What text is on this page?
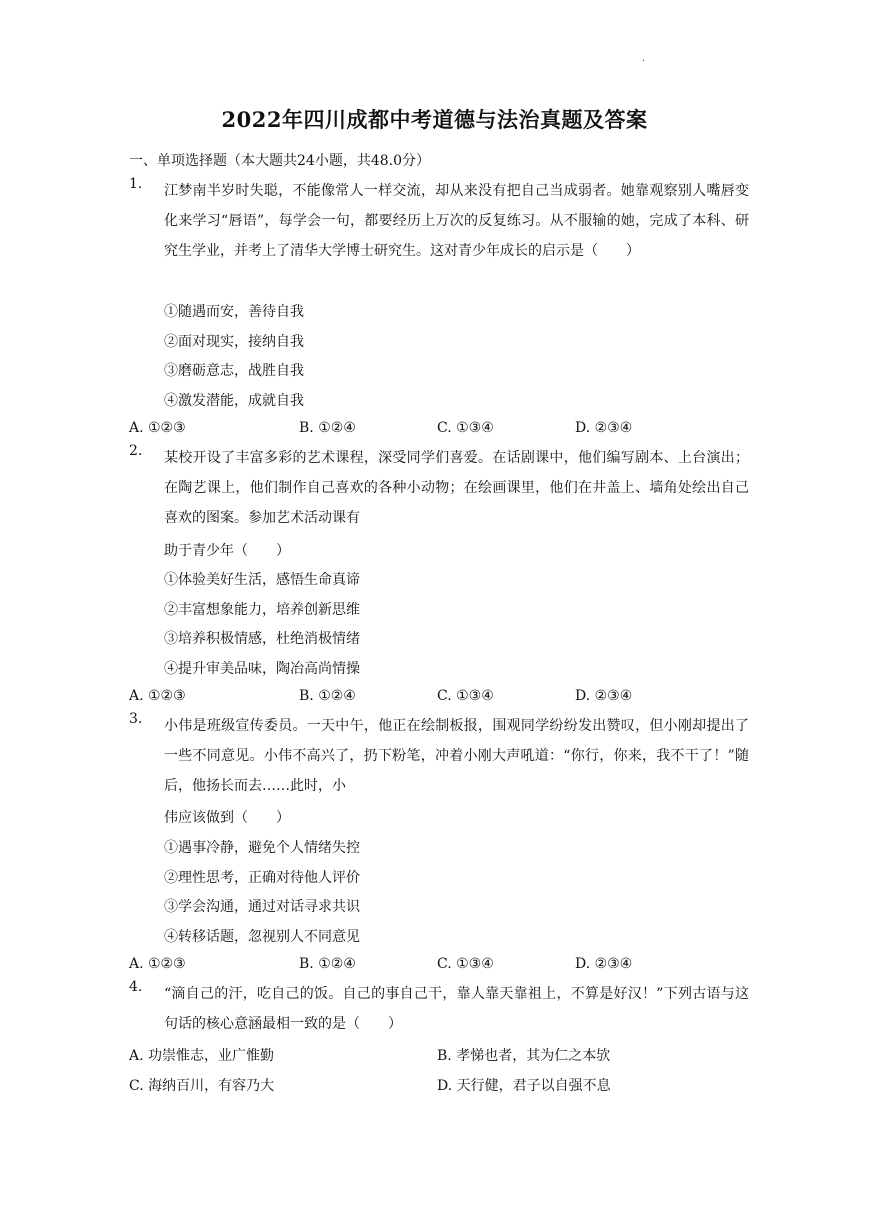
·
2022年四川成都中考道德与法治真题及答案
一、单项选择题（本大题共24小题，共48.0分）
1. 江梦南半岁时失聪，不能像常人一样交流，却从来没有把自己当成弱者。她靠观察别人嘴唇变化来学习“唇语”，每学会一句，都要经历上万次的反复练习。从不服输的她，完成了本科、研究生学业，并考上了清华大学博士研究生。这对青少年成长的启示是（　　）
①随遇而安，善待自我
②面对现实，接纳自我
③磨砺意志，战胜自我
④激发潜能，成就自我
A. ①②③	B. ①②④	C. ①③④	D. ②③④
2. 某校开设了丰富多彩的艺术课程，深受同学们喜爱。在话剧课中，他们编写剧本、上台演出；在陶艺课上，他们制作自己喜欢的各种小动物；在绘画课里，他们在井盖上、墙角处绘出自己喜欢的图案。参加艺术活动课有
助于青少年（　　）
①体验美好生活，感悟生命真谛
②丰富想象能力，培养创新思维
③培养积极情感，杜绝消极情绪
④提升审美品味，陶冶高尚情操
A. ①②③	B. ①②④	C. ①③④	D. ②③④
3. 小伟是班级宣传委员。一天中午，他正在绘制板报，围观同学纷纷发出赞叹，但小刚却提出了一些不同意见。小伟不高兴了，扔下粉笔，冲着小刚大声吼道：“你行，你来，我不干了！”随后，他扬长而去……此时，小
伟应该做到（　　）
①遇事冷静，避免个人情绪失控
②理性思考，正确对待他人评价
③学会沟通，通过对话寻求共识
④转移话题，忽视别人不同意见
A. ①②③	B. ①②④	C. ①③④	D. ②③④
4. “滴自己的汗，吃自己的饭。自己的事自己干，靠人靠天靠祖上，不算是好汉！”下列古语与这句话的核心意涵最相一致的是（　　）
A. 功崇惟志，业广惟勤	B. 孝悌也者，其为仁之本欤
C. 海纳百川，有容乃大	D. 天行健，君子以自强不息
